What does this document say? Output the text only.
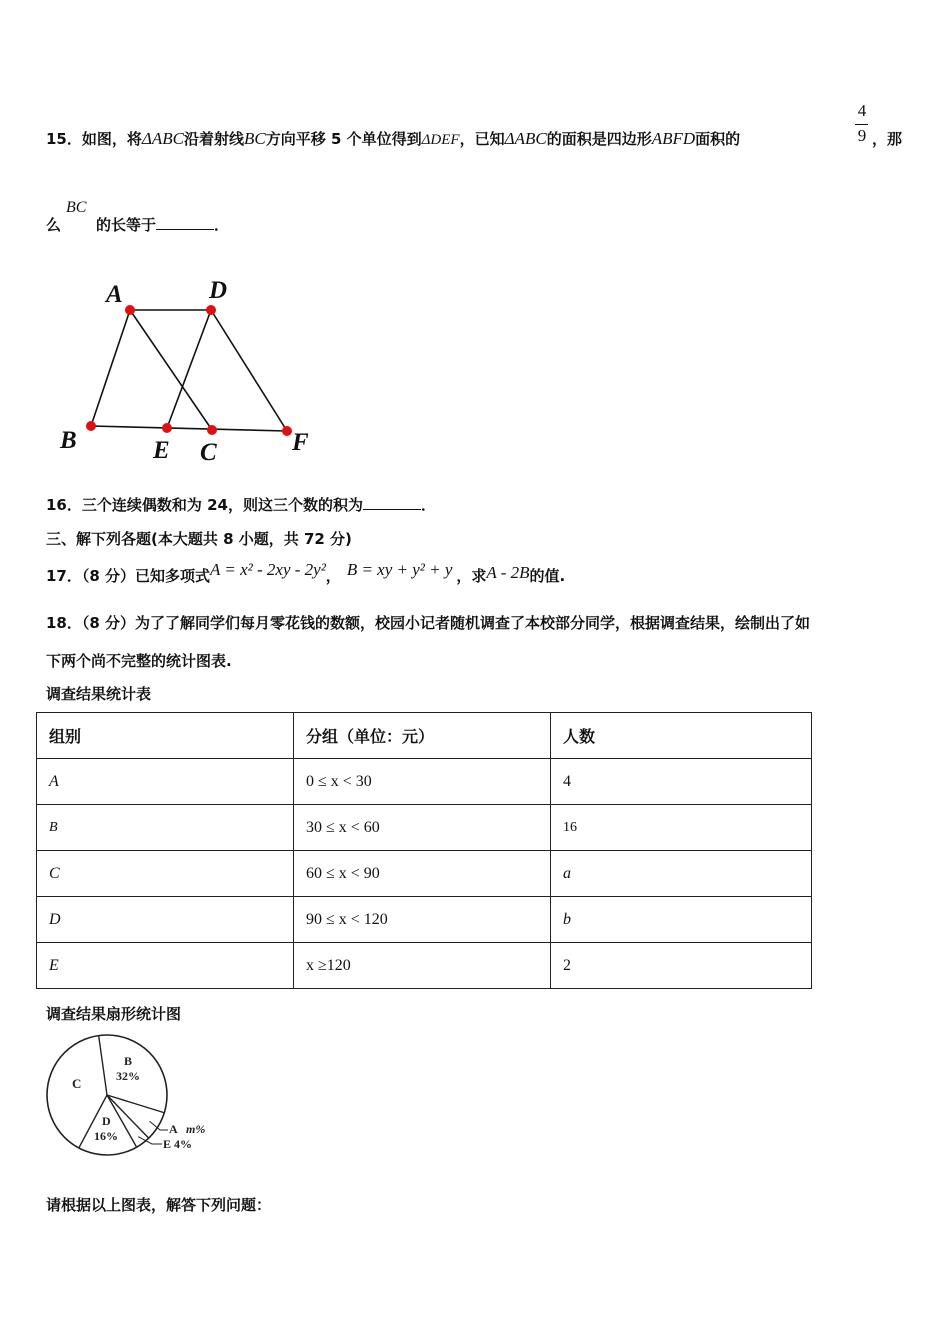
15．如图，将ΔABC沿着射线BC方向平移 5 个单位得到ΔDEF，已知ΔABC的面积是四边形ABFD面积的
4
9 ，那
么
BC
的长等于	．
A	D
B	E C	F
16．三个连续偶数和为 24，则这三个数的积为	．
三、解下列各题(本大题共 8 小题，共 72 分)
17．（8 分）已知多项式A = x² - 2xy - 2y²， B = xy + y² + y ，求A - 2B的值.
18．（8 分）为了了解同学们每月零花钱的数额，校园小记者随机调查了本校部分同学，根据调查结果，绘制出了如
下两个尚不完整的统计图表.
调查结果统计表
组别	分组（单位：元）	人数
A	0 ≤ x < 30	4
B	30 ≤ x < 60	16
C	60 ≤ x < 90	a
D	90 ≤ x < 120	b
E	x ≥120	2
调查结果扇形统计图
B
32%
C
D
16%	A m%
E 4%
请根据以上图表，解答下列问题：
